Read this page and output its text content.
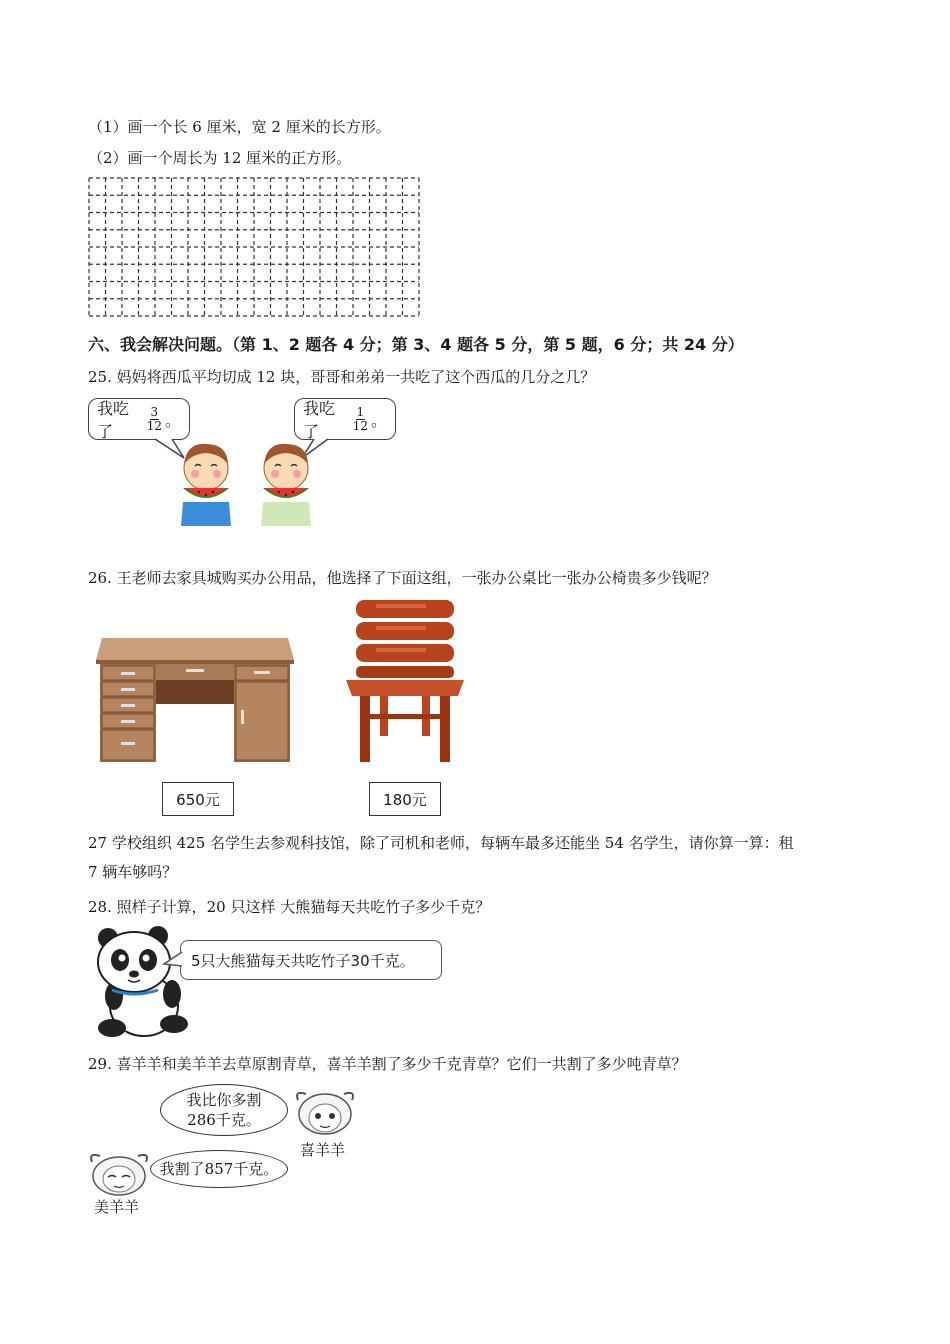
（1）画一个长 6 厘米，宽 2 厘米的长方形。
（2）画一个周长为 12 厘米的正方形。
六、我会解决问题。（第 1、2 题各 4 分；第 3、4 题各 5 分，第 5 题，6 分；共 24 分）
25. 妈妈将西瓜平均切成 12 块，哥哥和弟弟一共吃了这个西瓜的几分之几？
我吃了	$\frac{3}{12}$ 。
我吃了	$\frac{1}{12}$ 。
26. 王老师去家具城购买办公用品，他选择了下面这组，一张办公桌比一张办公椅贵多少钱呢？
650元	180元
27 学校组织 425 名学生去参观科技馆，除了司机和老师，每辆车最多还能坐 54 名学生，请你算一算：租
7 辆车够吗？
28. 照样子计算，20 只这样 大熊猫每天共吃竹子多少千克？
5只大熊猫每天共吃竹子30千克。
29. 喜羊羊和美羊羊去草原割青草，喜羊羊割了多少千克青草？它们一共割了多少吨青草？
我比你多割
286千克。
喜羊羊
我割了857千克。
美羊羊
